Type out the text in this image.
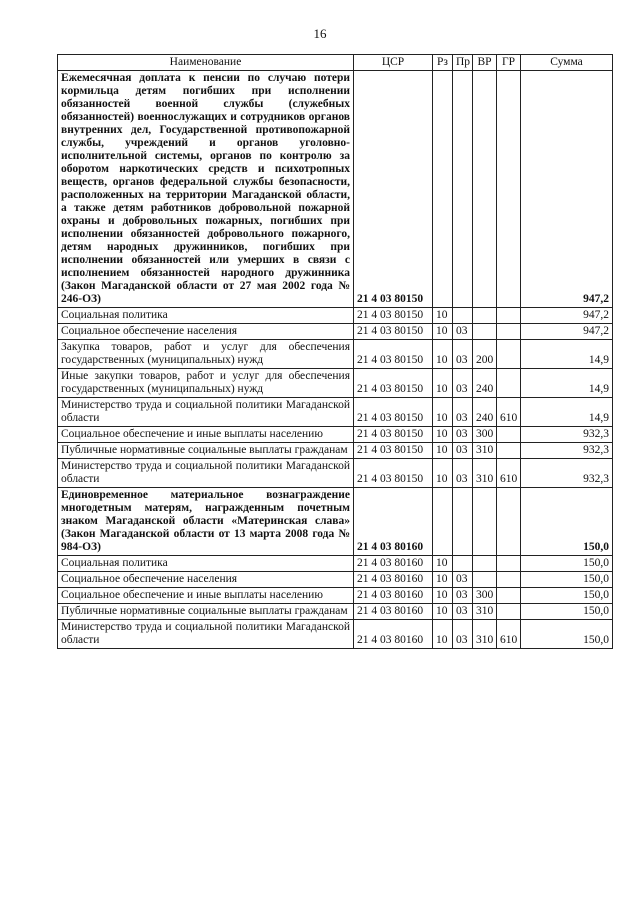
16
Наименование	ЦСР	Рз	Пр	ВР	ГР	Сумма
Ежемесячная доплата к пенсии по случаю потери кормильца детям погибших при исполнении обязанностей военной службы (служебных обязанностей) военнослужащих и сотрудников органов внутренних дел, Государственной противопожарной службы, учреждений и органов уголовно-исполнительной системы, органов по контролю за оборотом наркотических средств и психотропных веществ, органов федеральной службы безопасности, расположенных на территории Магаданской области, а также детям работников добровольной пожарной охраны и добровольных пожарных, погибших при исполнении обязанностей добровольного пожарного, детям народных дружинников, погибших при исполнении обязанностей или умерших в связи с исполнением обязанностей народного дружинника (Закон Магаданской области от 27 мая 2002 года № 246-ОЗ)	21 4 03 80150					947,2
Социальная политика	21 4 03 80150	10				947,2
Социальное обеспечение населения	21 4 03 80150	10	03			947,2
Закупка товаров, работ и услуг для обеспечения государственных (муниципальных) нужд	21 4 03 80150	10	03	200		14,9
Иные закупки товаров, работ и услуг для обеспечения государственных (муниципальных) нужд	21 4 03 80150	10	03	240		14,9
Министерство труда и социальной политики Магаданской области	21 4 03 80150	10	03	240	610	14,9
Социальное обеспечение и иные выплаты населению	21 4 03 80150	10	03	300		932,3
Публичные нормативные социальные выплаты гражданам	21 4 03 80150	10	03	310		932,3
Министерство труда и социальной политики Магаданской области	21 4 03 80150	10	03	310	610	932,3
Единовременное материальное вознаграждение многодетным матерям, награжденным почетным знаком Магаданской области «Материнская слава» (Закон Магаданской области от 13 марта 2008 года № 984-ОЗ)	21 4 03 80160					150,0
Социальная политика	21 4 03 80160	10				150,0
Социальное обеспечение населения	21 4 03 80160	10	03			150,0
Социальное обеспечение и иные выплаты населению	21 4 03 80160	10	03	300		150,0
Публичные нормативные социальные выплаты гражданам	21 4 03 80160	10	03	310		150,0
Министерство труда и социальной политики Магаданской области	21 4 03 80160	10	03	310	610	150,0
